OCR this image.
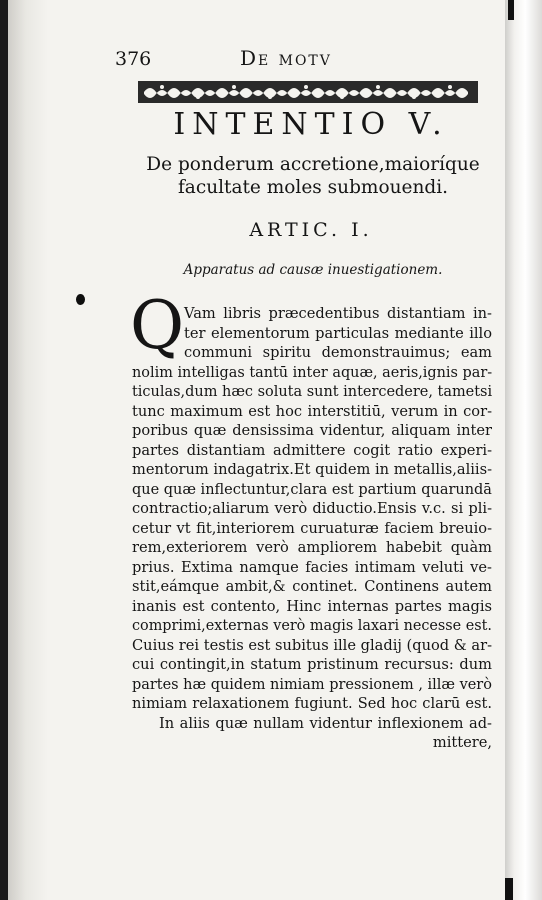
376	De motv
INTENTIO V.
De ponderum accretione,maioríque
facultate moles submouendi.
ARTIC. I.
Apparatus ad causæ inuestigationem.
Q Vam libris præcedentibus distantiam in-
ter elementorum particulas mediante illo
communi spiritu demonstrauimus; eam
nolim intelligas tantū inter aquæ, aeris,ignis par-
ticulas,dum hæc soluta sunt intercedere, tametsi
tunc maximum est hoc interstitiū, verum in cor-
poribus quæ densissima videntur, aliquam inter
partes distantiam admittere cogit ratio experi-
mentorum indagatrix.Et quidem in metallis,aliis-
que quæ inflectuntur,clara est partium quarundā
contractio;aliarum verò diductio.Ensis v.c. si pli-
cetur vt fit,interiorem curuaturæ faciem breuio-
rem,exteriorem verò ampliorem habebit quàm
prius. Extima namque facies intimam veluti ve-
stit,eámque ambit,& continet. Continens autem
inanis est contento, Hinc internas partes magis
comprimi,externas verò magis laxari necesse est.
Cuius rei testis est subitus ille gladij (quod & ar-
cui contingit,in statum pristinum recursus: dum
partes hæ quidem nimiam pressionem , illæ verò
nimiam relaxationem fugiunt. Sed hoc clarū est.
In aliis quæ nullam videntur inflexionem ad-
mittere,
